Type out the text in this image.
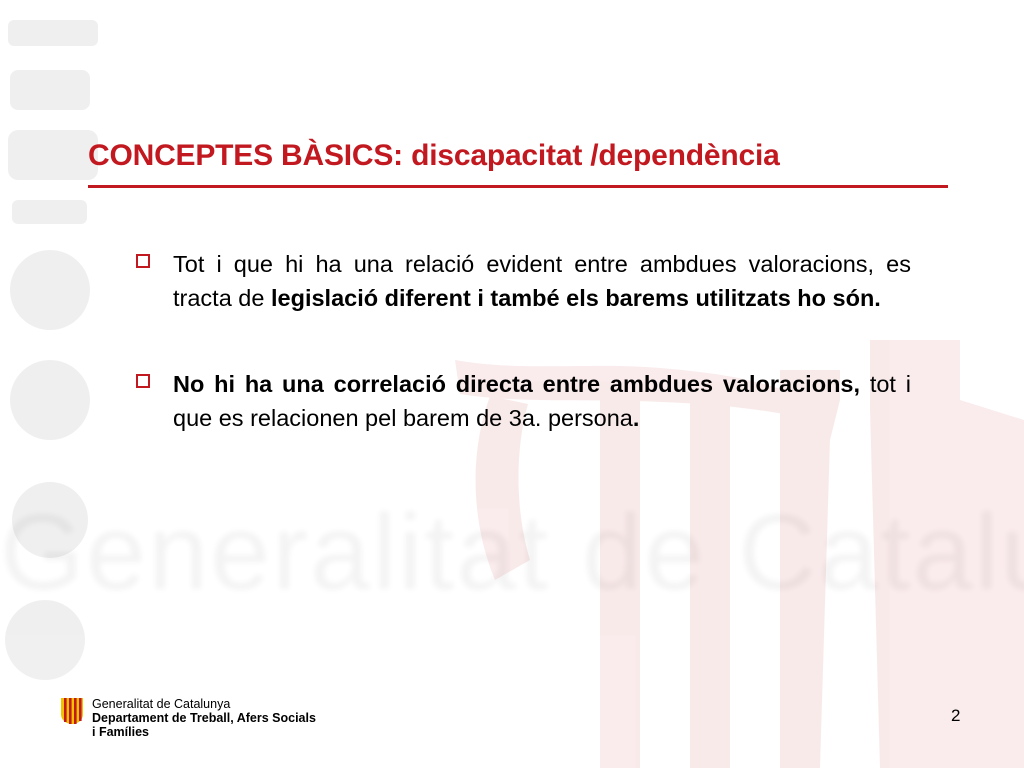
CONCEPTES BÀSICS: discapacitat /dependència

Tot i que hi ha una relació evident entre ambdues valoracions, es tracta de legislació diferent i també els barems utilitzats ho són.

No hi ha una correlació directa entre ambdues valoracions, tot i que es relacionen pel barem de 3a. persona.

Generalitat de Catalunya
Departament de Treball, Afers Socials
i Famílies
2
